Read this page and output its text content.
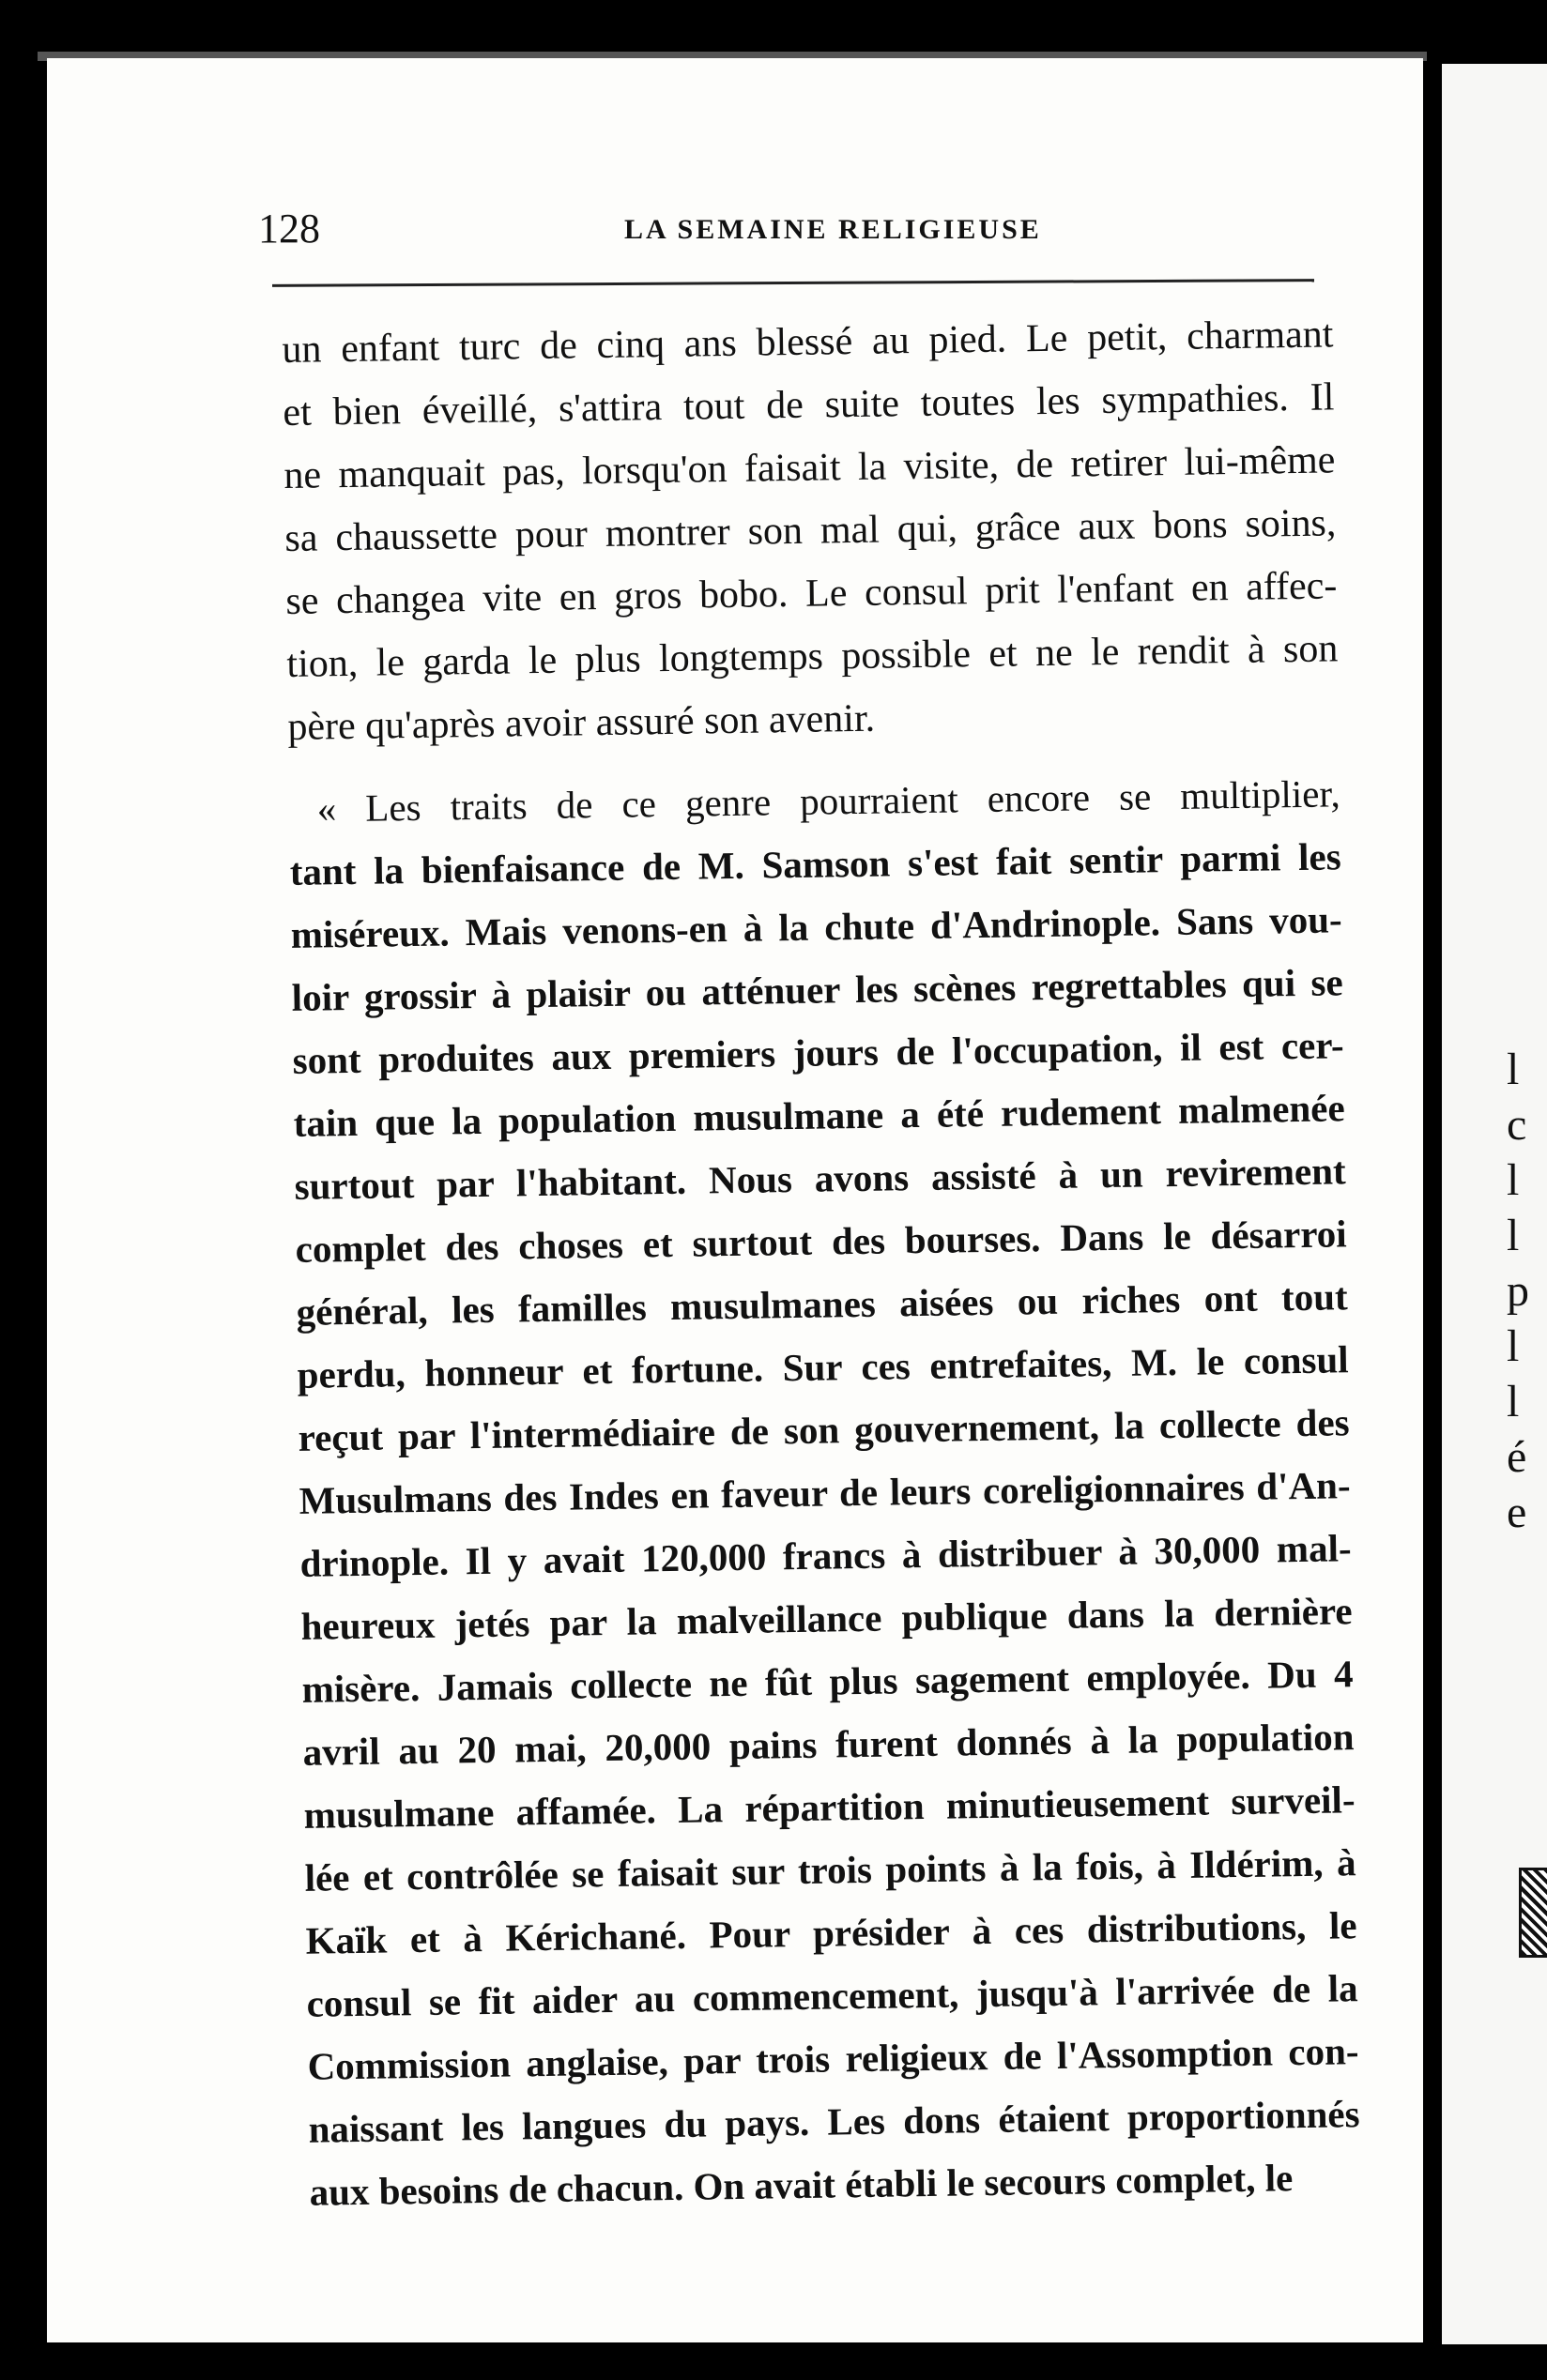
l
c
l
l
p
l
l
é
e
128	LA SEMAINE RELIGIEUSE
un enfant turc de cinq ans blessé au pied. Le petit, charmant
et bien éveillé, s'attira tout de suite toutes les sympathies. Il
ne manquait pas, lorsqu'on faisait la visite, de retirer lui-même
sa chaussette pour montrer son mal qui, grâce aux bons soins,
se changea vite en gros bobo. Le consul prit l'enfant en affec-
tion, le garda le plus longtemps possible et ne le rendit à son
père qu'après avoir assuré son avenir.
« Les traits de ce genre pourraient encore se multiplier,
tant la bienfaisance de M. Samson s'est fait sentir parmi les
miséreux. Mais venons-en à la chute d'Andrinople. Sans vou-
loir grossir à plaisir ou atténuer les scènes regrettables qui se
sont produites aux premiers jours de l'occupation, il est cer-
tain que la population musulmane a été rudement malmenée
surtout par l'habitant. Nous avons assisté à un revirement
complet des choses et surtout des bourses. Dans le désarroi
général, les familles musulmanes aisées ou riches ont tout
perdu, honneur et fortune. Sur ces entrefaites, M. le consul
reçut par l'intermédiaire de son gouvernement, la collecte des
Musulmans des Indes en faveur de leurs coreligionnaires d'An-
drinople. Il y avait 120,000 francs à distribuer à 30,000 mal-
heureux jetés par la malveillance publique dans la dernière
misère. Jamais collecte ne fût plus sagement employée. Du 4
avril au 20 mai, 20,000 pains furent donnés à la population
musulmane affamée. La répartition minutieusement surveil-
lée et contrôlée se faisait sur trois points à la fois, à Ildérim, à
Kaïk et à Kérichané. Pour présider à ces distributions, le
consul se fit aider au commencement, jusqu'à l'arrivée de la
Commission anglaise, par trois religieux de l'Assomption con-
naissant les langues du pays. Les dons étaient proportionnés
aux besoins de chacun. On avait établi le secours complet, le
